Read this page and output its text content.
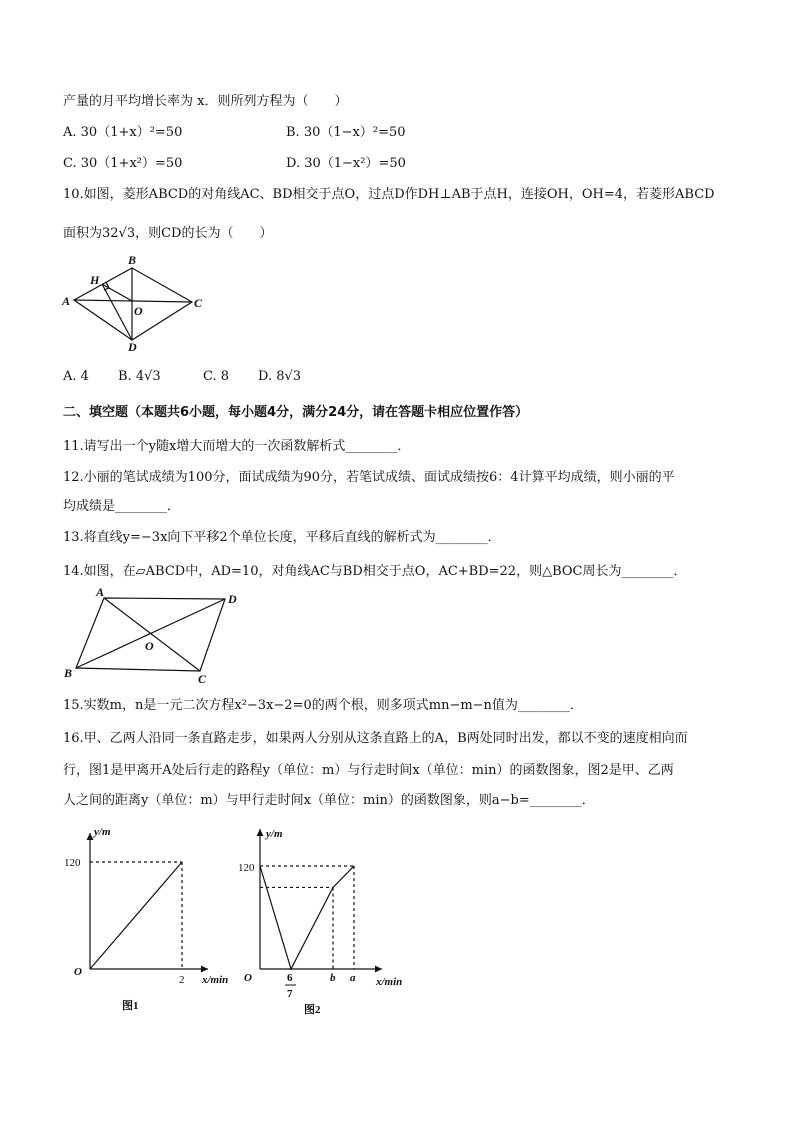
产量的月平均增长率为 x．则所列方程为（　　）
A. 30（1+x）²=50	B. 30（1−x）²=50
C. 30（1+x²）=50	D. 30（1−x²）=50
10.如图，菱形ABCD的对角线AC、BD相交于点O，过点D作DH⊥AB于点H，连接OH，OH=4，若菱形ABCD
面积为32√3，则CD的长为（　　）
A
B
C
D
H
O
A. 4 B. 4√3	C. 8 D. 8√3
二、填空题（本题共6小题，每小题4分，满分24分，请在答题卡相应位置作答）
11.请写出一个y随x增大而增大的一次函数解析式________．
12.小丽的笔试成绩为100分，面试成绩为90分，若笔试成绩、面试成绩按6：4计算平均成绩，则小丽的平
均成绩是________．
13.将直线y=−3x向下平移2个单位长度，平移后直线的解析式为________．
14.如图，在▱ABCD中，AD=10，对角线AC与BD相交于点O，AC+BD=22，则△BOC周长为________．
A
B	C
D
O
15.实数m，n是一元二次方程x²−3x−2=0的两个根，则多项式mn−m−n值为________．
16.甲、乙两人沿同一条直路走步，如果两人分别从这条直路上的A，B两处同时出发，都以不变的速度相向而
行，图1是甲离开A处后行走的路程y（单位：m）与行走时间x（单位：min）的函数图象，图2是甲、乙两
人之间的距离y（单位：m）与甲行走时间x（单位：min）的函数图象，则a−b=________．
y/m
x/min
O
120
2
图1
y/m
x/min
O
120
6
7
b a
图2
